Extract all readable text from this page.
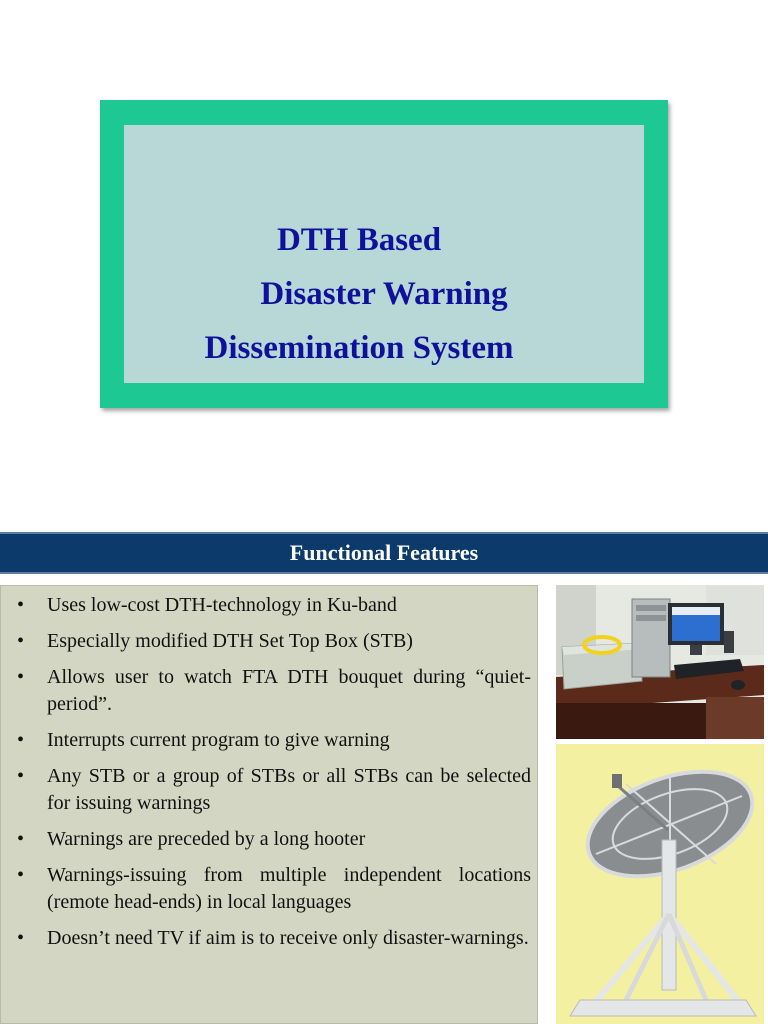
DTH Based
Disaster Warning
Dissemination System
Functional Features
• Uses low-cost DTH-technology in Ku-band
• Especially modified DTH Set Top Box (STB)
• Allows user to watch FTA DTH bouquet during “quiet-period”.
• Interrupts current program to give warning
• Any STB or a group of STBs or all STBs can be selected for issuing warnings
• Warnings are preceded by a long hooter
• Warnings-issuing from multiple independent locations (remote head-ends) in local languages
• Doesn’t need TV if aim is to receive only disaster-warnings.
